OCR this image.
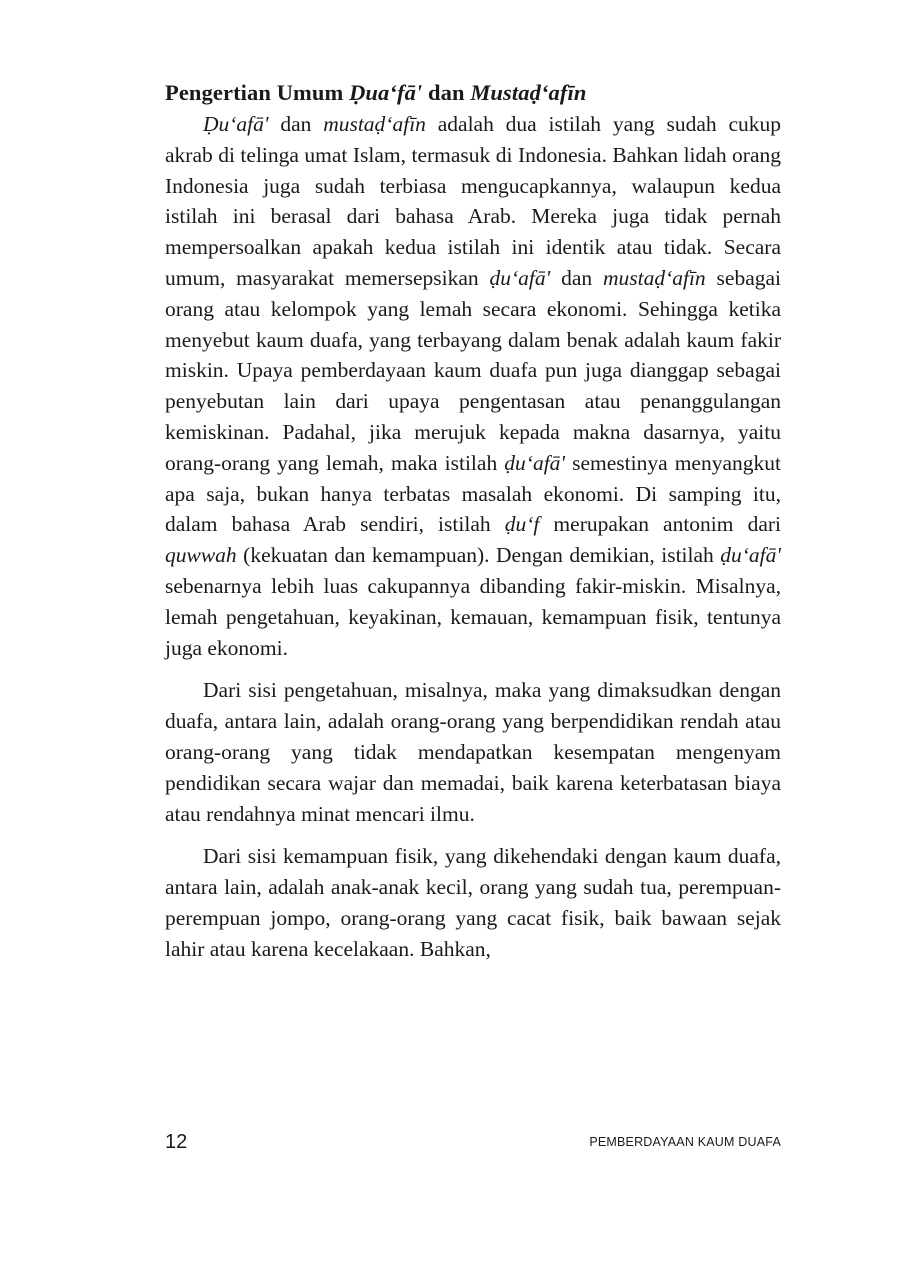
Pengertian Umum Ḍuaʻfāʹ dan Mustaḍʻafīn

Ḍuʻafāʹ dan mustaḍʻafīn adalah dua istilah yang sudah cukup akrab di telinga umat Islam, termasuk di Indonesia. Bahkan lidah orang Indonesia juga sudah terbiasa mengucapkannya, walaupun kedua istilah ini berasal dari bahasa Arab. Mereka juga tidak pernah mempersoalkan apakah kedua istilah ini identik atau tidak. Secara umum, masyarakat memersepsikan ḍuʻafāʹ dan mustaḍʻafīn sebagai orang atau kelompok yang lemah secara ekonomi. Sehingga ketika menyebut kaum duafa, yang terbayang dalam benak adalah kaum fakir miskin. Upaya pemberdayaan kaum duafa pun juga dianggap sebagai penyebutan lain dari upaya pengentasan atau penanggulangan kemiskinan. Padahal, jika merujuk kepada makna dasarnya, yaitu orang-orang yang lemah, maka istilah ḍuʻafāʹ semestinya menyangkut apa saja, bukan hanya terbatas masalah ekonomi. Di samping itu, dalam bahasa Arab sendiri, istilah ḍuʻf merupakan antonim dari quwwah (kekuatan dan kemampuan). Dengan demikian, istilah ḍuʻafāʹ sebenarnya lebih luas cakupannya dibanding fakir-miskin. Misalnya, lemah pengetahuan, keyakinan, kemauan, kemampuan fisik, tentunya juga ekonomi.

Dari sisi pengetahuan, misalnya, maka yang dimaksudkan dengan duafa, antara lain, adalah orang-orang yang berpendidikan rendah atau orang-orang yang tidak mendapatkan kesempatan mengenyam pendidikan secara wajar dan memadai, baik karena keterbatasan biaya atau rendahnya minat mencari ilmu.

Dari sisi kemampuan fisik, yang dikehendaki dengan kaum duafa, antara lain, adalah anak-anak kecil, orang yang sudah tua, perempuan-perempuan jompo, orang-orang yang cacat fisik, baik bawaan sejak lahir atau karena kecelakaan. Bahkan,

12	PEMBERDAYAAN KAUM DUAFA
